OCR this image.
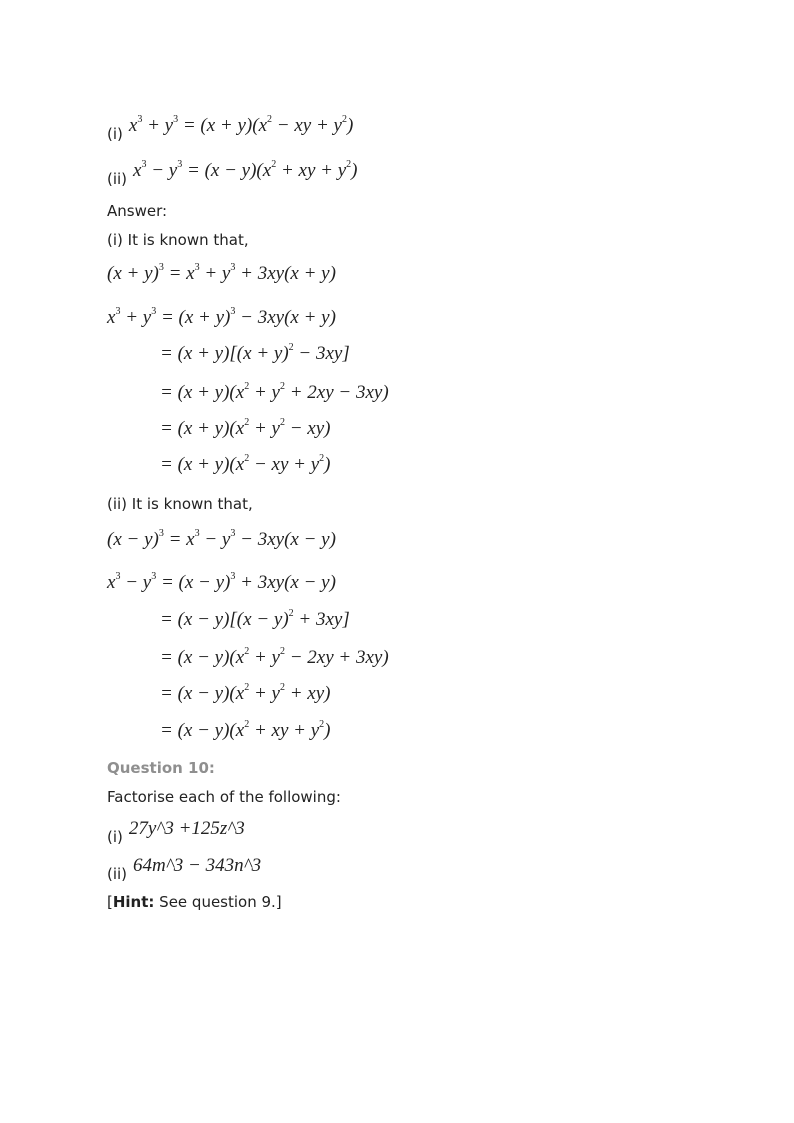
(i) $x^3 + y^3 = (x + y)(x^2$ − xy + $y^2$)
(ii) $x^3 - y^3 = (x - y)(x^2$ + xy + $y^2$)
Answer:
(i) It is known that,
$(x + y)^3 = x^3 + y^3 + 3xy(x + y)$
$x^3 + y^3 = (x + y)^3 - 3xy(x + y)$
= $(x + y)[(x + y)^2 - 3xy]$
= $(x + y)(x^2 + y^2 + 2xy - 3xy)$
= $(x + y)(x^2 + y^2 - xy)$
= $(x + y)(x^2$ − xy + $y^2$)
(ii) It is known that,
$(x - y)^3 = x^3 - y^3 - 3xy(x - y)$
$x^3 - y^3 = (x - y)^3 + 3xy(x - y)$
= $(x - y)[(x - y)^2 + 3xy]$
= $(x - y)(x^2 + y^2 - 2xy + 3xy)$
= $(x - y)(x^2 + y^2 + xy)$
= $(x - y)(x^2$ + xy + $y^2$)
Question 10:
Factorise each of the following:
(i) 27y^3 +125z^3
(ii) 64m^3 − 343n^3
[Hint: See question 9.]
